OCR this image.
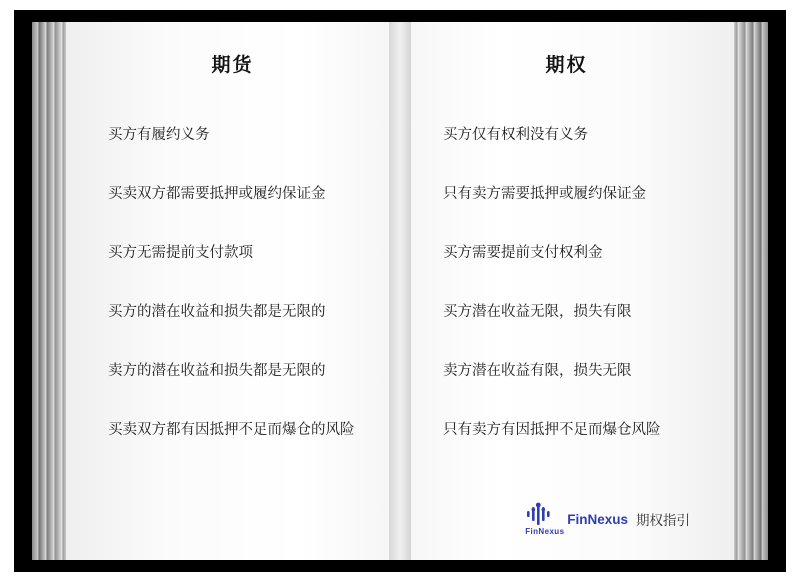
期货
买方有履约义务
买卖双方都需要抵押或履约保证金
买方无需提前支付款项
买方的潜在收益和损失都是无限的
卖方的潜在收益和损失都是无限的
买卖双方都有因抵押不足而爆仓的风险
期权
买方仅有权利没有义务
只有卖方需要抵押或履约保证金
买方需要提前支付权利金
买方潜在收益无限，损失有限
卖方潜在收益有限，损失无限
只有卖方有因抵押不足而爆仓风险
FinNexus
FinNexus 期权指引
